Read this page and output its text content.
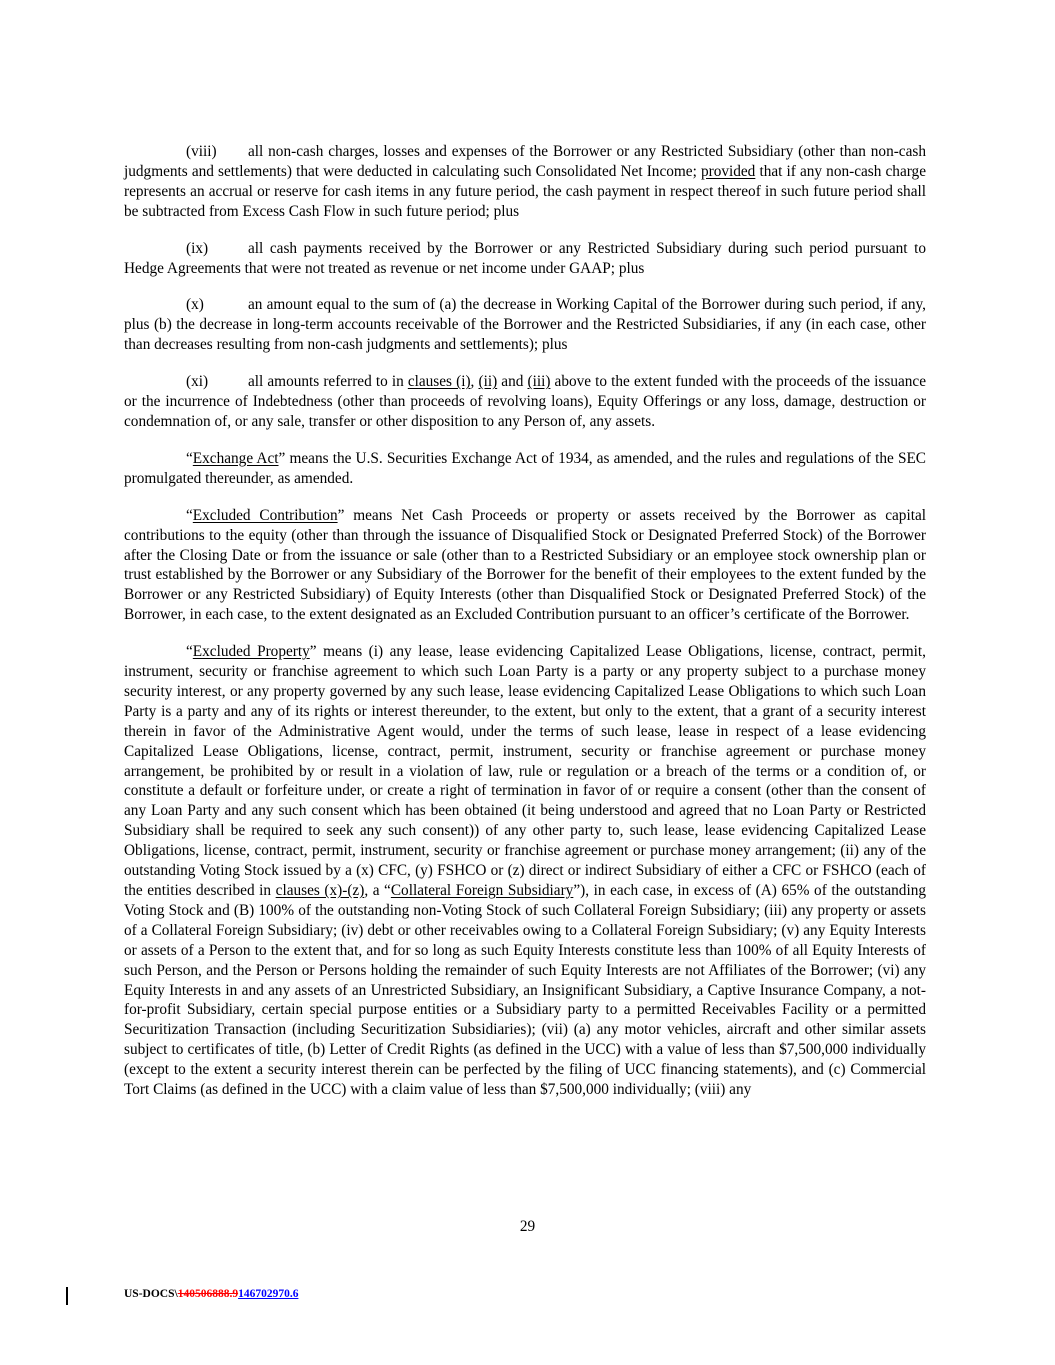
(viii) all non-cash charges, losses and expenses of the Borrower or any Restricted Subsidiary (other than non-cash judgments and settlements) that were deducted in calculating such Consolidated Net Income; provided that if any non-cash charge represents an accrual or reserve for cash items in any future period, the cash payment in respect thereof in such future period shall be subtracted from Excess Cash Flow in such future period; plus

(ix)	all cash payments received by the Borrower or any Restricted Subsidiary during such period pursuant to Hedge Agreements that were not treated as revenue or net income under GAAP; plus

(x)	an amount equal to the sum of (a) the decrease in Working Capital of the Borrower during such period, if any, plus (b) the decrease in long-term accounts receivable of the Borrower and the Restricted Subsidiaries, if any (in each case, other than decreases resulting from non-cash judgments and settlements); plus

(xi)	all amounts referred to in clauses (i), (ii) and (iii) above to the extent funded with the proceeds of the issuance or the incurrence of Indebtedness (other than proceeds of revolving loans), Equity Offerings or any loss, damage, destruction or condemnation of, or any sale, transfer or other disposition to any Person of, any assets.

“Exchange Act” means the U.S. Securities Exchange Act of 1934, as amended, and the rules and regulations of the SEC promulgated thereunder, as amended.

“Excluded Contribution” means Net Cash Proceeds or property or assets received by the Borrower as capital contributions to the equity (other than through the issuance of Disqualified Stock or Designated Preferred Stock) of the Borrower after the Closing Date or from the issuance or sale (other than to a Restricted Subsidiary or an employee stock ownership plan or trust established by the Borrower or any Subsidiary of the Borrower for the benefit of their employees to the extent funded by the Borrower or any Restricted Subsidiary) of Equity Interests (other than Disqualified Stock or Designated Preferred Stock) of the Borrower, in each case, to the extent designated as an Excluded Contribution pursuant to an officer’s certificate of the Borrower.

“Excluded Property” means (i) any lease, lease evidencing Capitalized Lease Obligations, license, contract, permit, instrument, security or franchise agreement to which such Loan Party is a party or any property subject to a purchase money security interest, or any property governed by any such lease, lease evidencing Capitalized Lease Obligations to which such Loan Party is a party and any of its rights or interest thereunder, to the extent, but only to the extent, that a grant of a security interest therein in favor of the Administrative Agent would, under the terms of such lease, lease in respect of a lease evidencing Capitalized Lease Obligations, license, contract, permit, instrument, security or franchise agreement or purchase money arrangement, be prohibited by or result in a violation of law, rule or regulation or a breach of the terms or a condition of, or constitute a default or forfeiture under, or create a right of termination in favor of or require a consent (other than the consent of any Loan Party and any such consent which has been obtained (it being understood and agreed that no Loan Party or Restricted Subsidiary shall be required to seek any such consent)) of any other party to, such lease, lease evidencing Capitalized Lease Obligations, license, contract, permit, instrument, security or franchise agreement or purchase money arrangement; (ii) any of the outstanding Voting Stock issued by a (x) CFC, (y) FSHCO or (z) direct or indirect Subsidiary of either a CFC or FSHCO (each of the entities described in clauses (x)-(z), a “Collateral Foreign Subsidiary”), in each case, in excess of (A) 65% of the outstanding Voting Stock and (B) 100% of the outstanding non-Voting Stock of such Collateral Foreign Subsidiary; (iii) any property or assets of a Collateral Foreign Subsidiary; (iv) debt or other receivables owing to a Collateral Foreign Subsidiary; (v) any Equity Interests or assets of a Person to the extent that, and for so long as such Equity Interests constitute less than 100% of all Equity Interests of such Person, and the Person or Persons holding the remainder of such Equity Interests are not Affiliates of the Borrower; (vi) any Equity Interests in and any assets of an Unrestricted Subsidiary, an Insignificant Subsidiary, a Captive Insurance Company, a not-for-profit Subsidiary, certain special purpose entities or a Subsidiary party to a permitted Receivables Facility or a permitted Securitization Transaction (including Securitization Subsidiaries); (vii) (a) any motor vehicles, aircraft and other similar assets subject to certificates of title, (b) Letter of Credit Rights (as defined in the UCC) with a value of less than $7,500,000 individually (except to the extent a security interest therein can be perfected by the filing of UCC financing statements), and (c) Commercial Tort Claims (as defined in the UCC) with a claim value of less than $7,500,000 individually; (viii) any

29
US-DOCS\140506888.9146702970.6
